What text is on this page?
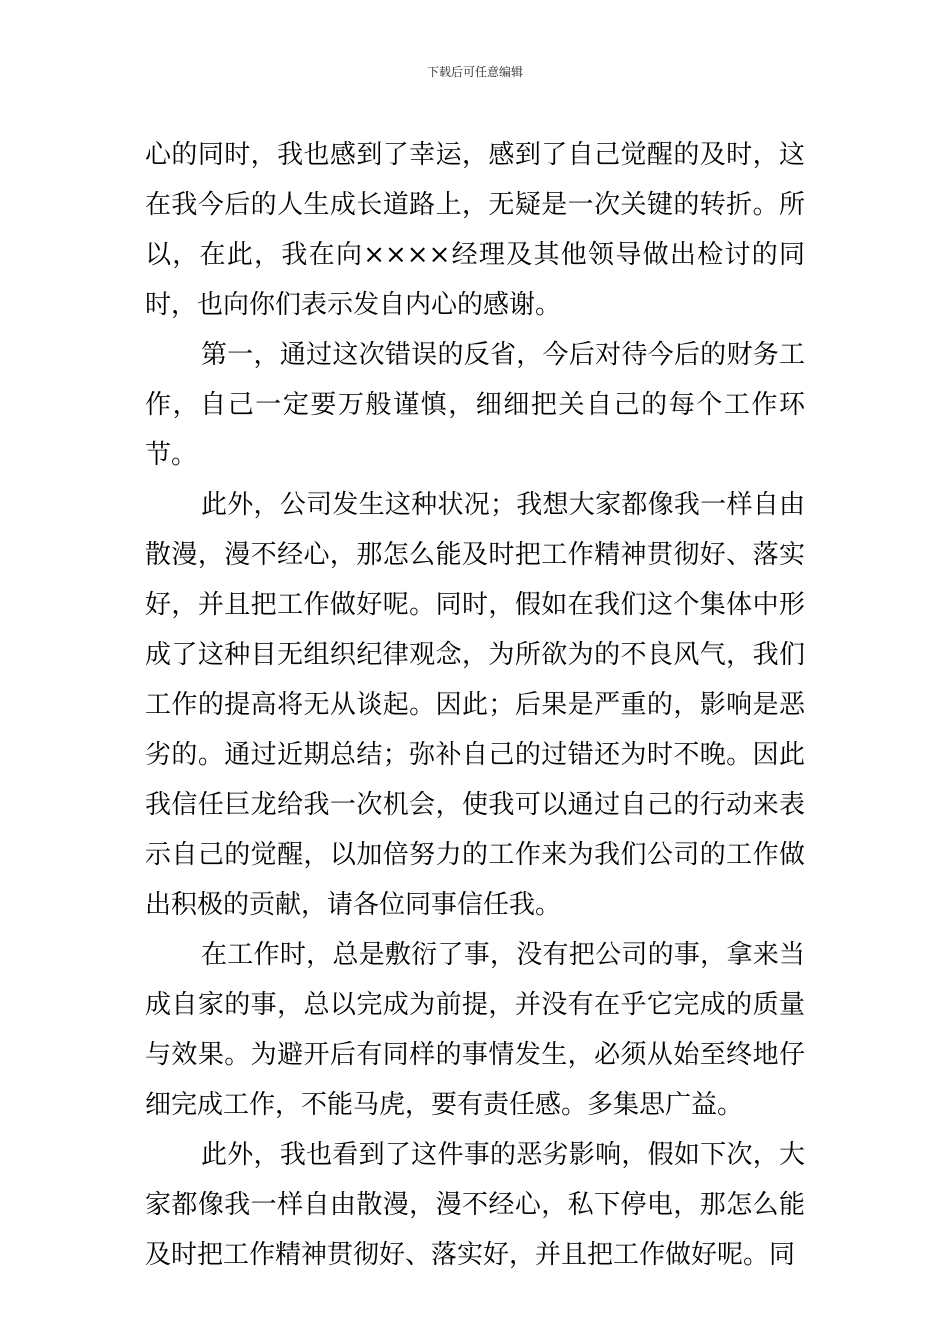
下载后可任意编辑

心的同时，我也感到了幸运，感到了自己觉醒的及时，这在我今后的人生成长道路上，无疑是一次关键的转折。所以，在此，我在向××××经理及其他领导做出检讨的同时，也向你们表示发自内心的感谢。

第一，通过这次错误的反省，今后对待今后的财务工作，自己一定要万般谨慎，细细把关自己的每个工作环节。

此外，公司发生这种状况；我想大家都像我一样自由散漫，漫不经心，那怎么能及时把工作精神贯彻好、落实好，并且把工作做好呢。同时，假如在我们这个集体中形成了这种目无组织纪律观念，为所欲为的不良风气，我们工作的提高将无从谈起。因此；后果是严重的，影响是恶劣的。通过近期总结；弥补自己的过错还为时不晚。因此我信任巨龙给我一次机会，使我可以通过自己的行动来表示自己的觉醒，以加倍努力的工作来为我们公司的工作做出积极的贡献，请各位同事信任我。

在工作时，总是敷衍了事，没有把公司的事，拿来当成自家的事，总以完成为前提，并没有在乎它完成的质量与效果。为避开后有同样的事情发生，必须从始至终地仔细完成工作，不能马虎，要有责任感。多集思广益。

此外，我也看到了这件事的恶劣影响，假如下次，大家都像我一样自由散漫，漫不经心，私下停电，那怎么能及时把工作精神贯彻好、落实好，并且把工作做好呢。同
